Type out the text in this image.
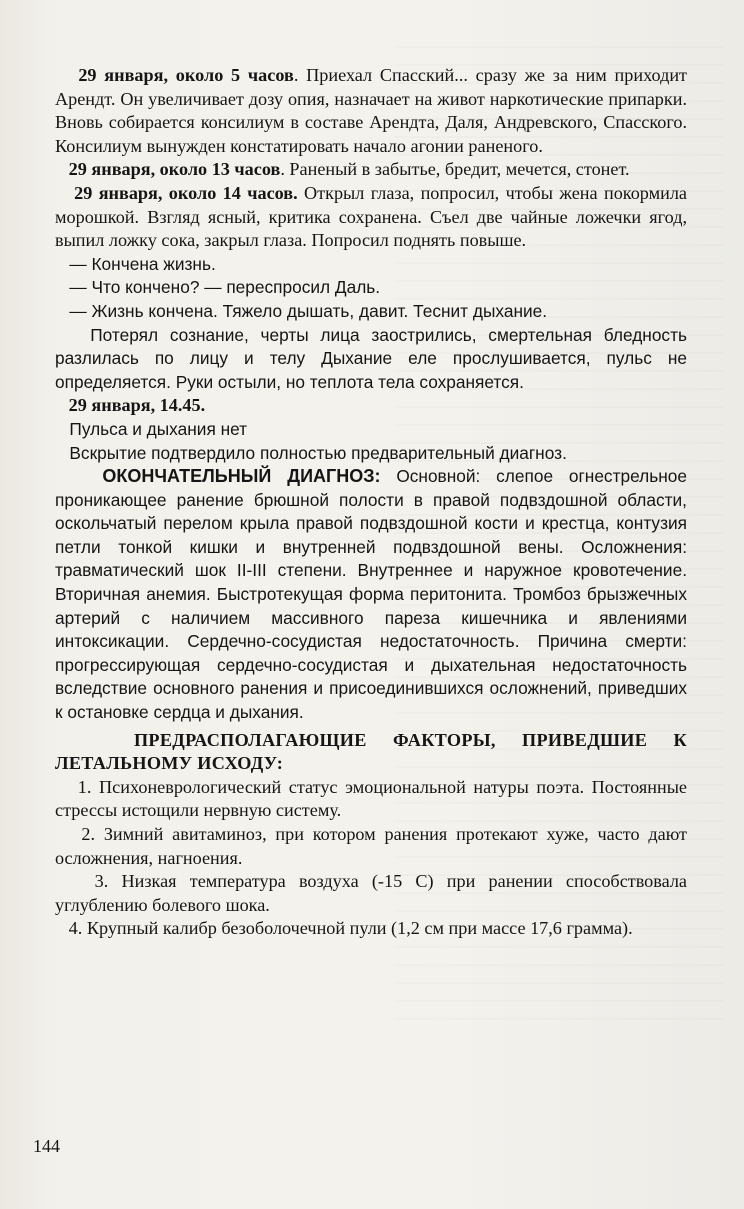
29 января, около 5 часов. Приехал Спасский... сразу же за ним приходит Арендт. Он увеличивает дозу опия, назначает на живот наркотические припарки. Вновь собирается консилиум в составе Арендта, Даля, Андревского, Спасского. Консилиум вынужден констатировать начало агонии раненого.

29 января, около 13 часов. Раненый в забытье, бредит, мечется, стонет.

29 января, около 14 часов. Открыл глаза, попросил, чтобы жена покормила морошкой. Взгляд ясный, критика сохранена. Съел две чайные ложечки ягод, выпил ложку сока, закрыл глаза. Попросил поднять повыше.

— Кончена жизнь.

— Что кончено? — переспросил Даль.

— Жизнь кончена. Тяжело дышать, давит. Теснит дыхание.

Потерял сознание, черты лица заострились, смертельная бледность разлилась по лицу и телу Дыхание еле прослушивается, пульс не определяется. Руки остыли, но теплота тела сохраняется.

29 января, 14.45.

Пульса и дыхания нет

Вскрытие подтвердило полностью предварительный диагноз.

ОКОНЧАТЕЛЬНЫЙ ДИАГНОЗ: Основной: слепое огнестрельное проникающее ранение брюшной полости в правой подвздошной области, оскольчатый перелом крыла правой подвздошной кости и крестца, контузия петли тонкой кишки и внутренней подвздошной вены. Осложнения: травматический шок II-III степени. Внутреннее и наружное кровотечение. Вторичная анемия. Быстротекущая форма перитонита. Тромбоз брызжечных артерий с наличием массивного пареза кишечника и явлениями интоксикации. Сердечно-сосудистая недостаточность. Причина смерти: прогрессирующая сердечно-сосудистая и дыхательная недостаточность вследствие основного ранения и присоединившихся осложнений, приведших к остановке сердца и дыхания.

ПРЕДРАСПОЛАГАЮЩИЕ ФАКТОРЫ, ПРИВЕДШИЕ К ЛЕТАЛЬНОМУ ИСХОДУ:

1. Психоневрологический статус эмоциональной натуры поэта. Постоянные стрессы истощили нервную систему.

2. Зимний авитаминоз, при котором ранения протекают хуже, часто дают осложнения, нагноения.

3. Низкая температура воздуха (-15 С) при ранении способствовала углублению болевого шока.

4. Крупный калибр безоболочечной пули (1,2 см при массе 17,6 грамма).

144
